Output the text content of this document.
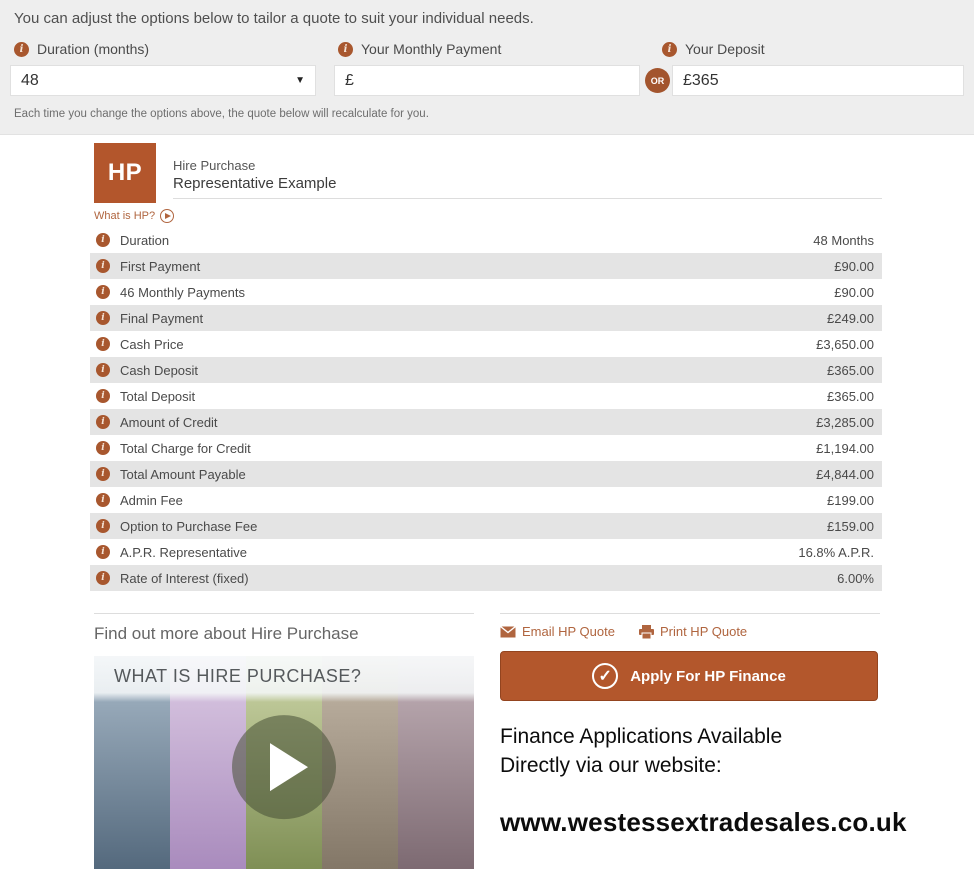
You can adjust the options below to tailor a quote to suit your individual needs.

i Duration (months)
48	▼
i Your Monthly Payment
£	i Your Deposit
OR
£365

Each time you change the options above, the quote below will recalculate for you.

HP	Hire Purchase
Representative Example
What is HP?
i	Duration	48 Months
i	First Payment	£90.00
i	46 Monthly Payments	£90.00
i	Final Payment	£249.00
i	Cash Price	£3,650.00
i	Cash Deposit	£365.00
i	Total Deposit	£365.00
i	Amount of Credit	£3,285.00
i	Total Charge for Credit	£1,194.00
i	Total Amount Payable	£4,844.00
i	Admin Fee	£199.00
i	Option to Purchase Fee	£159.00
i	A.P.R. Representative	16.8% A.P.R.
i	Rate of Interest (fixed)	6.00%
Find out more about Hire Purchase
WHAT IS HIRE PURCHASE?
Email HP Quote	Print HP Quote
✓	Apply For HP Finance

Finance Applications Available

Directly via our website:

www.westessextradesales.co.uk
